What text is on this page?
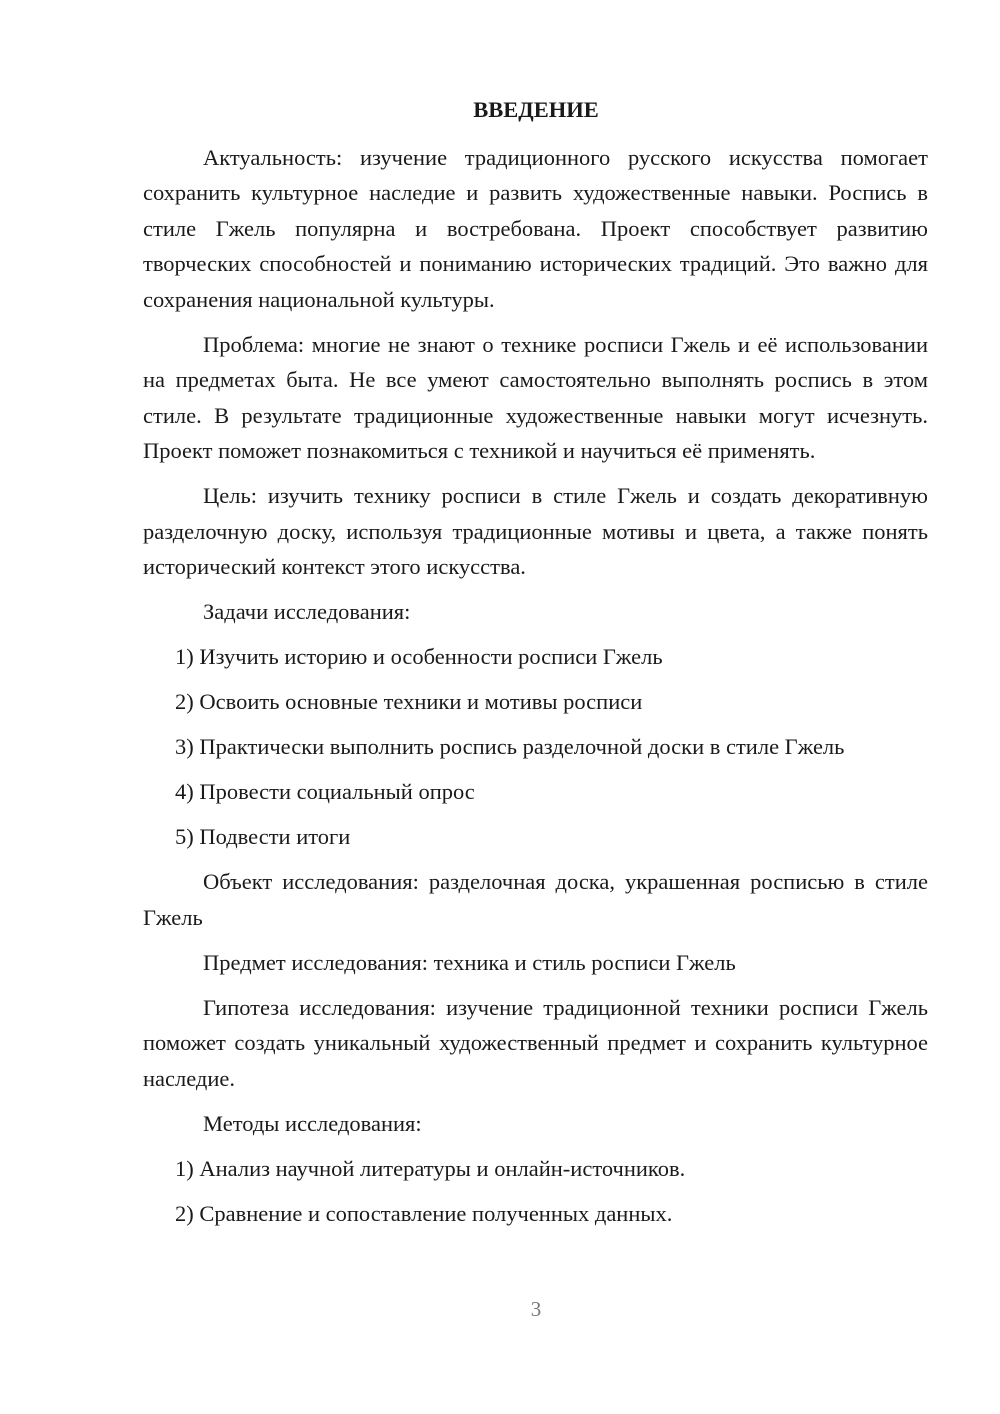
ВВЕДЕНИЕ

Актуальность: изучение традиционного русского искусства помогает сохранить культурное наследие и развить художественные навыки. Роспись в стиле Гжель популярна и востребована. Проект способствует развитию творческих способностей и пониманию исторических традиций. Это важно для сохранения национальной культуры.

Проблема: многие не знают о технике росписи Гжель и её использовании на предметах быта. Не все умеют самостоятельно выполнять роспись в этом стиле. В результате традиционные художественные навыки могут исчезнуть. Проект поможет познакомиться с техникой и научиться её применять.

Цель: изучить технику росписи в стиле Гжель и создать декоративную разделочную доску, используя традиционные мотивы и цвета, а также понять исторический контекст этого искусства.

Задачи исследования:

1) Изучить историю и особенности росписи Гжель

2) Освоить основные техники и мотивы росписи

3) Практически выполнить роспись разделочной доски в стиле Гжель

4) Провести социальный опрос

5) Подвести итоги

Объект исследования: разделочная доска, украшенная росписью в стиле Гжель

Предмет исследования: техника и стиль росписи Гжель

Гипотеза исследования: изучение традиционной техники росписи Гжель поможет создать уникальный художественный предмет и сохранить культурное наследие.

Методы исследования:

1) Анализ научной литературы и онлайн-источников.

2) Сравнение и сопоставление полученных данных.

3
